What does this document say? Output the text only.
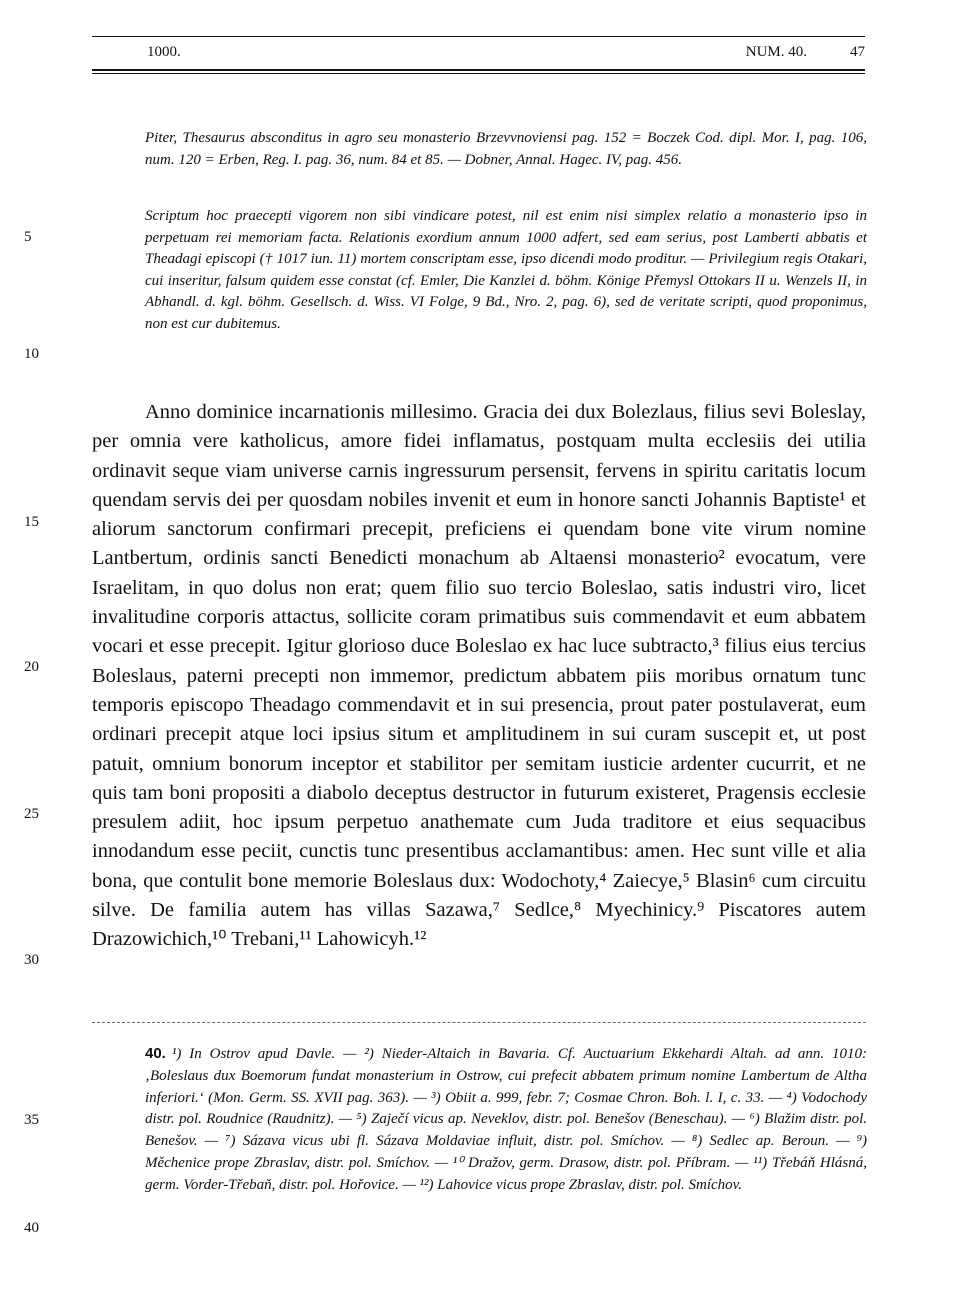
1000.	NUM. 40.	47
5
10
15
20
25
30
35
40

Piter, Thesaurus absconditus in agro seu monasterio Brzevvnoviensi pag. 152 = Boczek Cod. dipl. Mor. I, pag. 106, num. 120 = Erben, Reg. I. pag. 36, num. 84 et 85. — Dobner, Annal. Hagec. IV, pag. 456.

Scriptum hoc praecepti vigorem non sibi vindicare potest, nil est enim nisi simplex relatio a monasterio ipso in perpetuam rei memoriam facta. Relationis exordium annum 1000 adfert, sed eam serius, post Lamberti abbatis et Theadagi episcopi († 1017 iun. 11) mortem conscriptam esse, ipso dicendi modo proditur. — Privilegium regis Otakari, cui inseritur, falsum quidem esse constat (cf. Emler, Die Kanzlei d. böhm. Könige Přemysl Ottokars II u. Wenzels II, in Abhandl. d. kgl. böhm. Gesellsch. d. Wiss. VI Folge, 9 Bd., Nro. 2, pag. 6), sed de veritate scripti, quod proponimus, non est cur dubitemus.

Anno dominice incarnationis millesimo. Gracia dei dux Bolezlaus, filius sevi Boleslay, per omnia vere katholicus, amore fidei inflamatus, postquam multa ecclesiis dei utilia ordinavit seque viam universe carnis ingressurum persensit, fervens in spiritu caritatis locum quendam servis dei per quosdam nobiles invenit et eum in honore sancti Johannis Baptiste¹ et aliorum sanctorum confirmari precepit, preficiens ei quendam bone vite virum nomine Lantbertum, ordinis sancti Benedicti monachum ab Altaensi monasterio² evocatum, vere Israelitam, in quo dolus non erat; quem filio suo tercio Boleslao, satis industri viro, licet invalitudine corporis attactus, sollicite coram primatibus suis commendavit et eum abbatem vocari et esse precepit. Igitur glorioso duce Boleslao ex hac luce subtracto,³ filius eius tercius Boleslaus, paterni precepti non immemor, predictum abbatem piis moribus ornatum tunc temporis episcopo Theadago commendavit et in sui presencia, prout pater postulaverat, eum ordinari precepit atque loci ipsius situm et amplitudinem in sui curam suscepit et, ut post patuit, omnium bonorum inceptor et stabilitor per semitam iusticie ardenter cucurrit, et ne quis tam boni propositi a diabolo deceptus destructor in futurum existeret, Pragensis ecclesie presulem adiit, hoc ipsum perpetuo anathemate cum Juda traditore et eius sequacibus innodandum esse peciit, cunctis tunc presentibus acclamantibus: amen. Hec sunt ville et alia bona, que contulit bone memorie Boleslaus dux: Wodochoty,⁴ Zaiecye,⁵ Blasin⁶ cum circuitu silve. De familia autem has villas Sazawa,⁷ Sedlce,⁸ Myechinicy.⁹ Piscatores autem Drazowichich,¹⁰ Trebani,¹¹ Lahowicyh.¹²

40. ¹) In Ostrov apud Davle. — ²) Nieder-Altaich in Bavaria. Cf. Auctuarium Ekkehardi Altah. ad ann. 1010: ‚Boleslaus dux Boemorum fundat monasterium in Ostrow, cui prefecit abbatem primum nomine Lambertum de Altha inferiori.‘ (Mon. Germ. SS. XVII pag. 363). — ³) Obiit a. 999, febr. 7; Cosmae Chron. Boh. l. I, c. 33. — ⁴) Vodochody distr. pol. Roudnice (Raudnitz). — ⁵) Zaječí vicus ap. Neveklov, distr. pol. Benešov (Beneschau). — ⁶) Blažim distr. pol. Benešov. — ⁷) Sázava vicus ubi fl. Sázava Moldaviae influit, distr. pol. Smíchov. — ⁸) Sedlec ap. Beroun. — ⁹) Měchenice prope Zbraslav, distr. pol. Smíchov. — ¹⁰ Dražov, germ. Drasow, distr. pol. Příbram. — ¹¹) Třebáň Hlásná, germ. Vorder-Třebaň, distr. pol. Hořovice. — ¹²) Lahovice vicus prope Zbraslav, distr. pol. Smíchov.
